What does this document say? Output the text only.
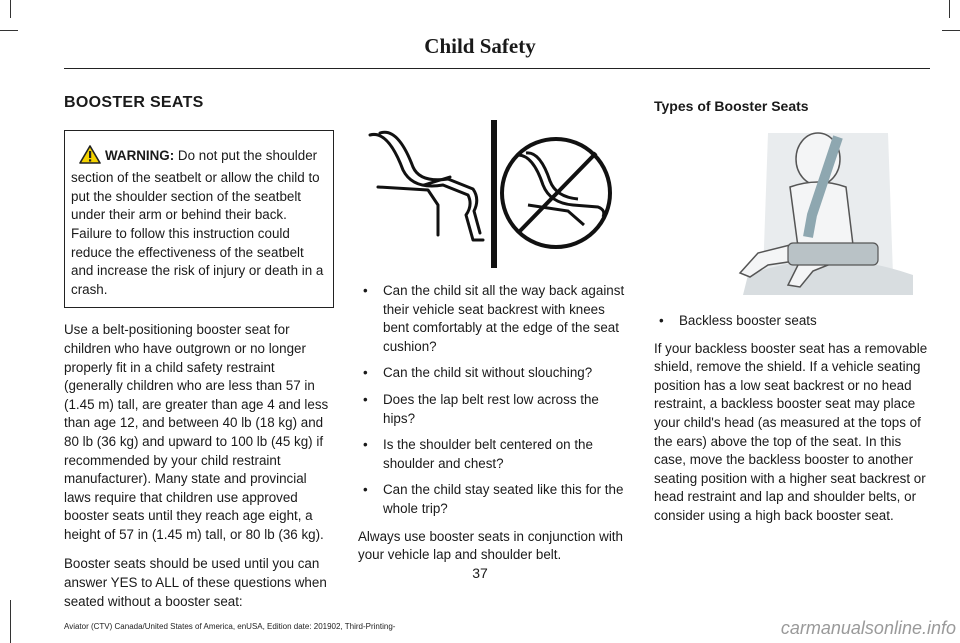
Child Safety
BOOSTER SEATS
WARNING: Do not put the shoulder section of the seatbelt or allow the child to put the shoulder section of the seatbelt under their arm or behind their back. Failure to follow this instruction could reduce the effectiveness of the seatbelt and increase the risk of injury or death in a crash.

Use a belt-positioning booster seat for children who have outgrown or no longer properly fit in a child safety restraint (generally children who are less than 57 in (1.45 m) tall, are greater than age 4 and less than age 12, and between 40 lb (18 kg) and 80 lb (36 kg) and upward to 100 lb (45 kg) if recommended by your child restraint manufacturer). Many state and provincial laws require that children use approved booster seats until they reach age eight, a height of 57 in (1.45 m) tall, or 80 lb (36 kg).

Booster seats should be used until you can answer YES to ALL of these questions when seated without a booster seat:

• Can the child sit all the way back against their vehicle seat backrest with knees bent comfortably at the edge of the seat cushion?
• Can the child sit without slouching?
• Does the lap belt rest low across the hips?
• Is the shoulder belt centered on the shoulder and chest?
• Can the child stay seated like this for the whole trip?

Always use booster seats in conjunction with your vehicle lap and shoulder belt.

Types of Booster Seats
• Backless booster seats

If your backless booster seat has a removable shield, remove the shield. If a vehicle seating position has a low seat backrest or no head restraint, a backless booster seat may place your child's head (as measured at the tops of the ears) above the top of the seat. In this case, move the backless booster to another seating position with a higher seat backrest or head restraint and lap and shoulder belts, or consider using a high back booster seat.

37
Aviator (CTV) Canada/United States of America, enUSA, Edition date: 201902, Third-Printing-	carmanualsonline.info
